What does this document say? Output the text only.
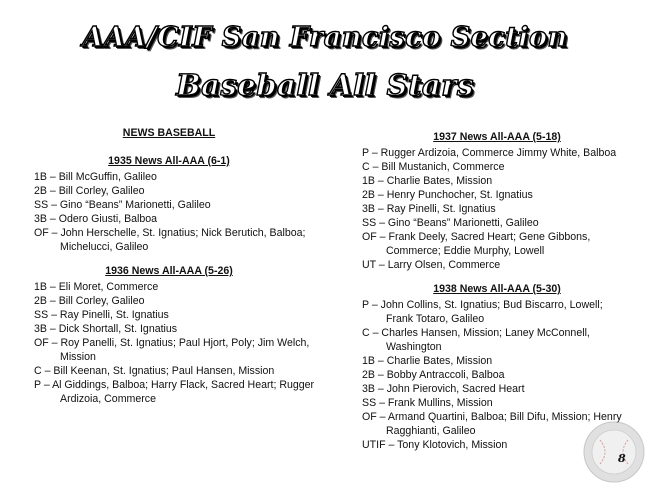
AAA/CIF San Francisco Section
Baseball All Stars
NEWS BASEBALL
1935 News All-AAA (6-1)
1B – Bill McGuffin, Galileo
2B – Bill Corley, Galileo
SS – Gino “Beans” Marionetti, Galileo
3B – Odero Giusti, Balboa
OF – John Herschelle, St. Ignatius; Nick Berutich, Balboa; Michelucci, Galileo
1936 News All-AAA (5-26)
1B – Eli Moret, Commerce
2B – Bill Corley, Galileo
SS – Ray Pinelli, St. Ignatius
3B – Dick Shortall, St. Ignatius
OF – Roy Panelli, St. Ignatius; Paul Hjort, Poly; Jim Welch, Mission
C – Bill Keenan, St. Ignatius; Paul Hansen, Mission
P – Al Giddings, Balboa; Harry Flack, Sacred Heart; Rugger Ardizoia, Commerce
1937 News All-AAA (5-18)
P – Rugger Ardizoia, Commerce Jimmy White, Balboa
C – Bill Mustanich, Commerce
1B – Charlie Bates, Mission
2B – Henry Punchocher, St. Ignatius
3B – Ray Pinelli, St. Ignatius
SS – Gino “Beans” Marionetti, Galileo
OF – Frank Deely, Sacred Heart; Gene Gibbons, Commerce; Eddie Murphy, Lowell
UT – Larry Olsen, Commerce
1938 News All-AAA (5-30)
P – John Collins, St. Ignatius; Bud Biscarro, Lowell; Frank Totaro, Galileo
C – Charles Hansen, Mission; Laney McConnell, Washington
1B – Charlie Bates, Mission
2B – Bobby Antraccoli, Balboa
3B – John Pierovich, Sacred Heart
SS – Frank Mullins, Mission
OF – Armand Quartini, Balboa; Bill Difu, Mission; Henry Ragghianti, Galileo
UTIF – Tony Klotovich, Mission
8
